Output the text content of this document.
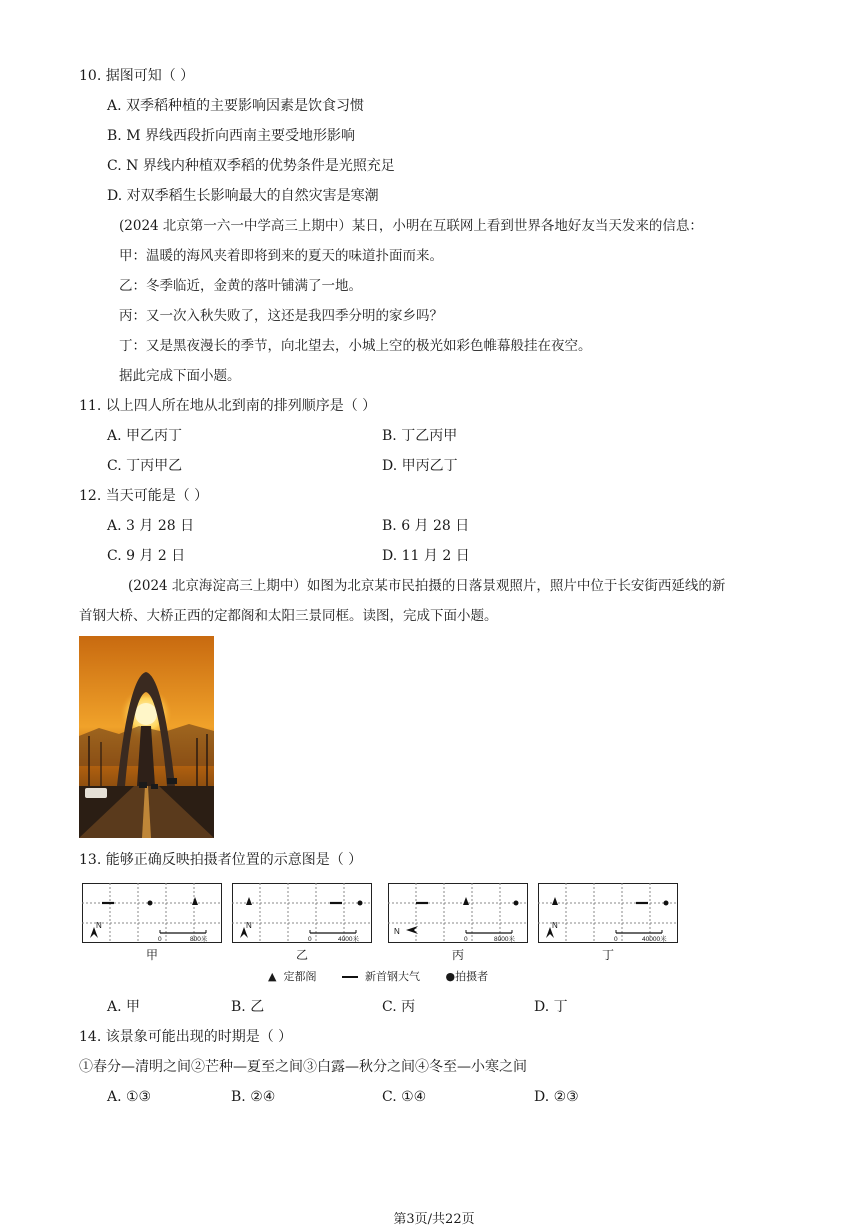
10. 据图可知（ ）
A. 双季稻种植的主要影响因素是饮食习惯
B. M 界线西段折向西南主要受地形影响
C. N 界线内种植双季稻的优势条件是光照充足
D. 对双季稻生长影响最大的自然灾害是寒潮
(2024 北京第一六一中学高三上期中）某日，小明在互联网上看到世界各地好友当天发来的信息：
甲：温暖的海风夹着即将到来的夏天的味道扑面而来。
乙：冬季临近，金黄的落叶铺满了一地。
丙：又一次入秋失败了，这还是我四季分明的家乡吗？
丁：又是黑夜漫长的季节，向北望去，小城上空的极光如彩色帷幕般挂在夜空。
据此完成下面小题。
11. 以上四人所在地从北到南的排列顺序是（ ）
A. 甲乙丙丁	B. 丁乙丙甲
C. 丁丙甲乙	D. 甲丙乙丁
12. 当天可能是（ ）
A. 3 月 28 日	B. 6 月 28 日
C. 9 月 2 日	D. 11 月 2 日
(2024 北京海淀高三上期中）如图为北京某市民拍摄的日落景观照片，照片中位于长安街西延线的新
首钢大桥、大桥正西的定都阁和太阳三景同框。读图，完成下面小题。
13. 能够正确反映拍摄者位置的示意图是（ ）
N
0	800米
甲
N
0	4000米
乙
N
0	8000米
丙
N
0	40000米
丁
▲ 定都阁	新首钢大气 ●拍摄者
A. 甲	B. 乙	C. 丙	D. 丁
14. 该景象可能出现的时期是（ ）
①春分—清明之间②芒种—夏至之间③白露—秋分之间④冬至—小寒之间
A. ①③	B. ②④	C. ①④	D. ②③
第3页/共22页
